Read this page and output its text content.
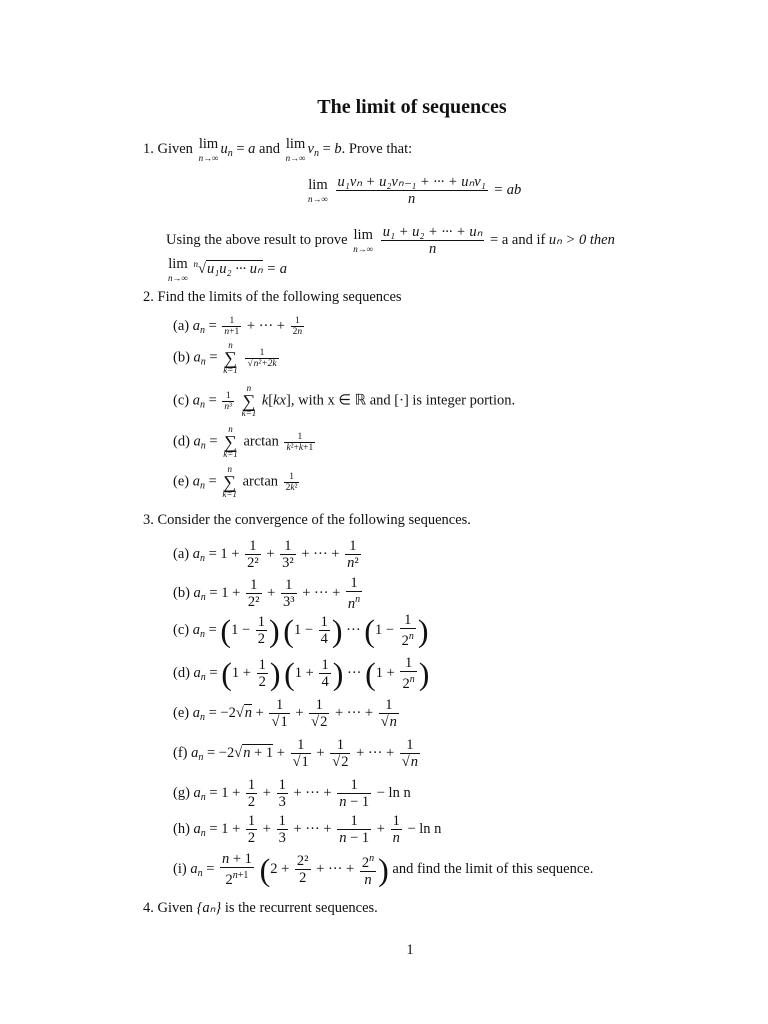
The limit of sequences
1. Given lim
n→∞
$u_n = a$ and lim
n→∞
$v_n = b$. Prove that:
lim
n→∞
$\frac{\text{u₁vₙ + u₂vₙ₋₁ + ··· + uₙv₁}}{n}$ = ab
Using the above result to prove lim
n→∞
$\frac{\text{u₁ + u₂ + ··· + uₙ}}{n} = a$ and if uₙ > 0 then
lim
n→∞
$^n$√u₁u₂ ··· uₙ = a
2. Find the limits of the following sequences
(a) $a_n = \frac{1}{n+1}$ + ··· + $\frac{1}{2n}$
(b) $a_n$ =
n
∑
k=1

$\frac{1}{\text{√n²+2k}}$
(c) $a_n = \frac{1}{\text{n³}}$

n
∑
k=1
k[kx], with x ∈ ℝ and [·] is integer portion.
(d) $a_n$ =
n
∑
k=1
$\arctan \frac{1}{\text{k²+k+1}}$
(e) $a_n$ =
n
∑
k=1
$\arctan \frac{1}{\text{2k²}}$
3. Consider the convergence of the following sequences.
(a) $a_n = 1 + \frac{1}{\text{2²}} + \frac{1}{\text{3²}}$ + ··· + $\frac{1}{\text{n²}}$
(b) $a_n = 1 + \frac{1}{\text{2²}} + \frac{1}{\text{3³}}$ + ··· + $\frac{1}{n^n}$
(c) $a_n = (1 - \frac{1}{2}$ ) ($1 - \frac{1}{4}$ ) ··· ($1 - \frac{1}{2^n}$ )
(d) $a_n = (1 + \frac{1}{2}$ ) ($1 + \frac{1}{4}$ ) ··· ($1 + \frac{1}{2^n}$ )
(e) $a_n = -2√n + \frac{1}{√1} + \frac{1}{√2}$ + ··· + $\frac{1}{√n}$
(f) $a_n = -2√n + 1 + \frac{1}{√1} + \frac{1}{√2}$ + ··· + $\frac{1}{√n}$
(g) $a_n = 1 + \frac{1}{2} + \frac{1}{3}$ + ··· + $\frac{1}{n - 1} - \ln n$
(h) $a_n = 1 + \frac{1}{2} + \frac{1}{3}$ + ··· + $\frac{1}{n - 1} + \frac{1}{n} - \ln n$
(i) $a_n = \frac{n + 1}{2^{n+1}} (2 + \frac{\text{2²}}{2}$ + ··· + $\frac{2^n}{n}$ ) and find the limit of this sequence.
4. Given {aₙ} is the recurrent sequences.
1
